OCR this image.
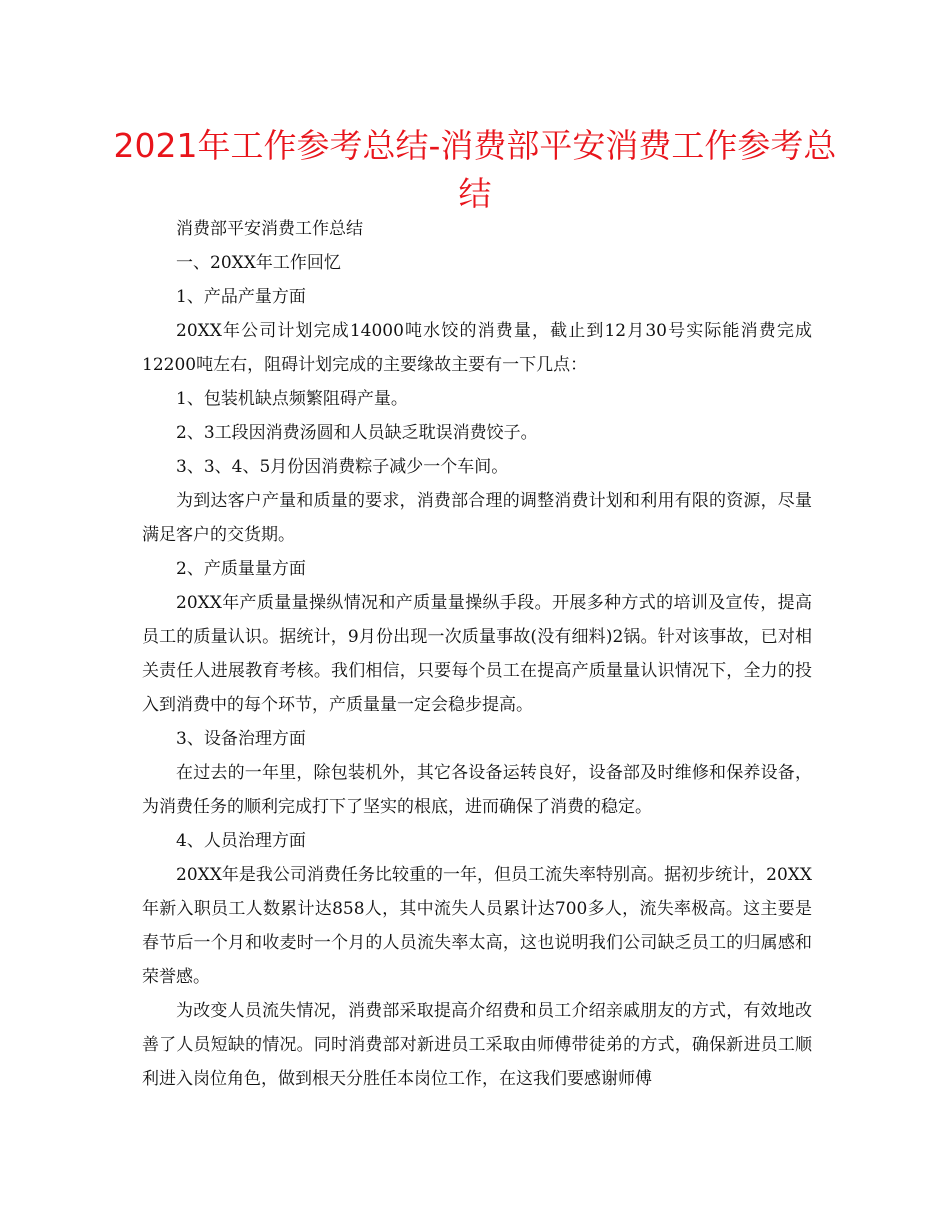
2021年工作参考总结-消费部平安消费工作参考总结

消费部平安消费工作总结

一、20XX年工作回忆

1、产品产量方面

20XX年公司计划完成14000吨水饺的消费量，截止到12月30号实际能消费完成12200吨左右，阻碍计划完成的主要缘故主要有一下几点：

1、包装机缺点频繁阻碍产量。

2、3工段因消费汤圆和人员缺乏耽误消费饺子。

3、3、4、5月份因消费粽子减少一个车间。

为到达客户产量和质量的要求，消费部合理的调整消费计划和利用有限的资源，尽量满足客户的交货期。

2、产质量量方面

20XX年产质量量操纵情况和产质量量操纵手段。开展多种方式的培训及宣传，提高员工的质量认识。据统计，9月份出现一次质量事故(没有细料)2锅。针对该事故，已对相关责任人进展教育考核。我们相信，只要每个员工在提高产质量量认识情况下，全力的投入到消费中的每个环节，产质量量一定会稳步提高。

3、设备治理方面

在过去的一年里，除包装机外，其它各设备运转良好，设备部及时维修和保养设备，为消费任务的顺利完成打下了坚实的根底，进而确保了消费的稳定。

4、人员治理方面

20XX年是我公司消费任务比较重的一年，但员工流失率特别高。据初步统计，20XX年新入职员工人数累计达858人，其中流失人员累计达700多人，流失率极高。这主要是春节后一个月和收麦时一个月的人员流失率太高，这也说明我们公司缺乏员工的归属感和荣誉感。

为改变人员流失情况，消费部采取提高介绍费和员工介绍亲戚朋友的方式，有效地改善了人员短缺的情况。同时消费部对新进员工采取由师傅带徒弟的方式，确保新进员工顺利进入岗位角色，做到根天分胜任本岗位工作，在这我们要感谢师傅
